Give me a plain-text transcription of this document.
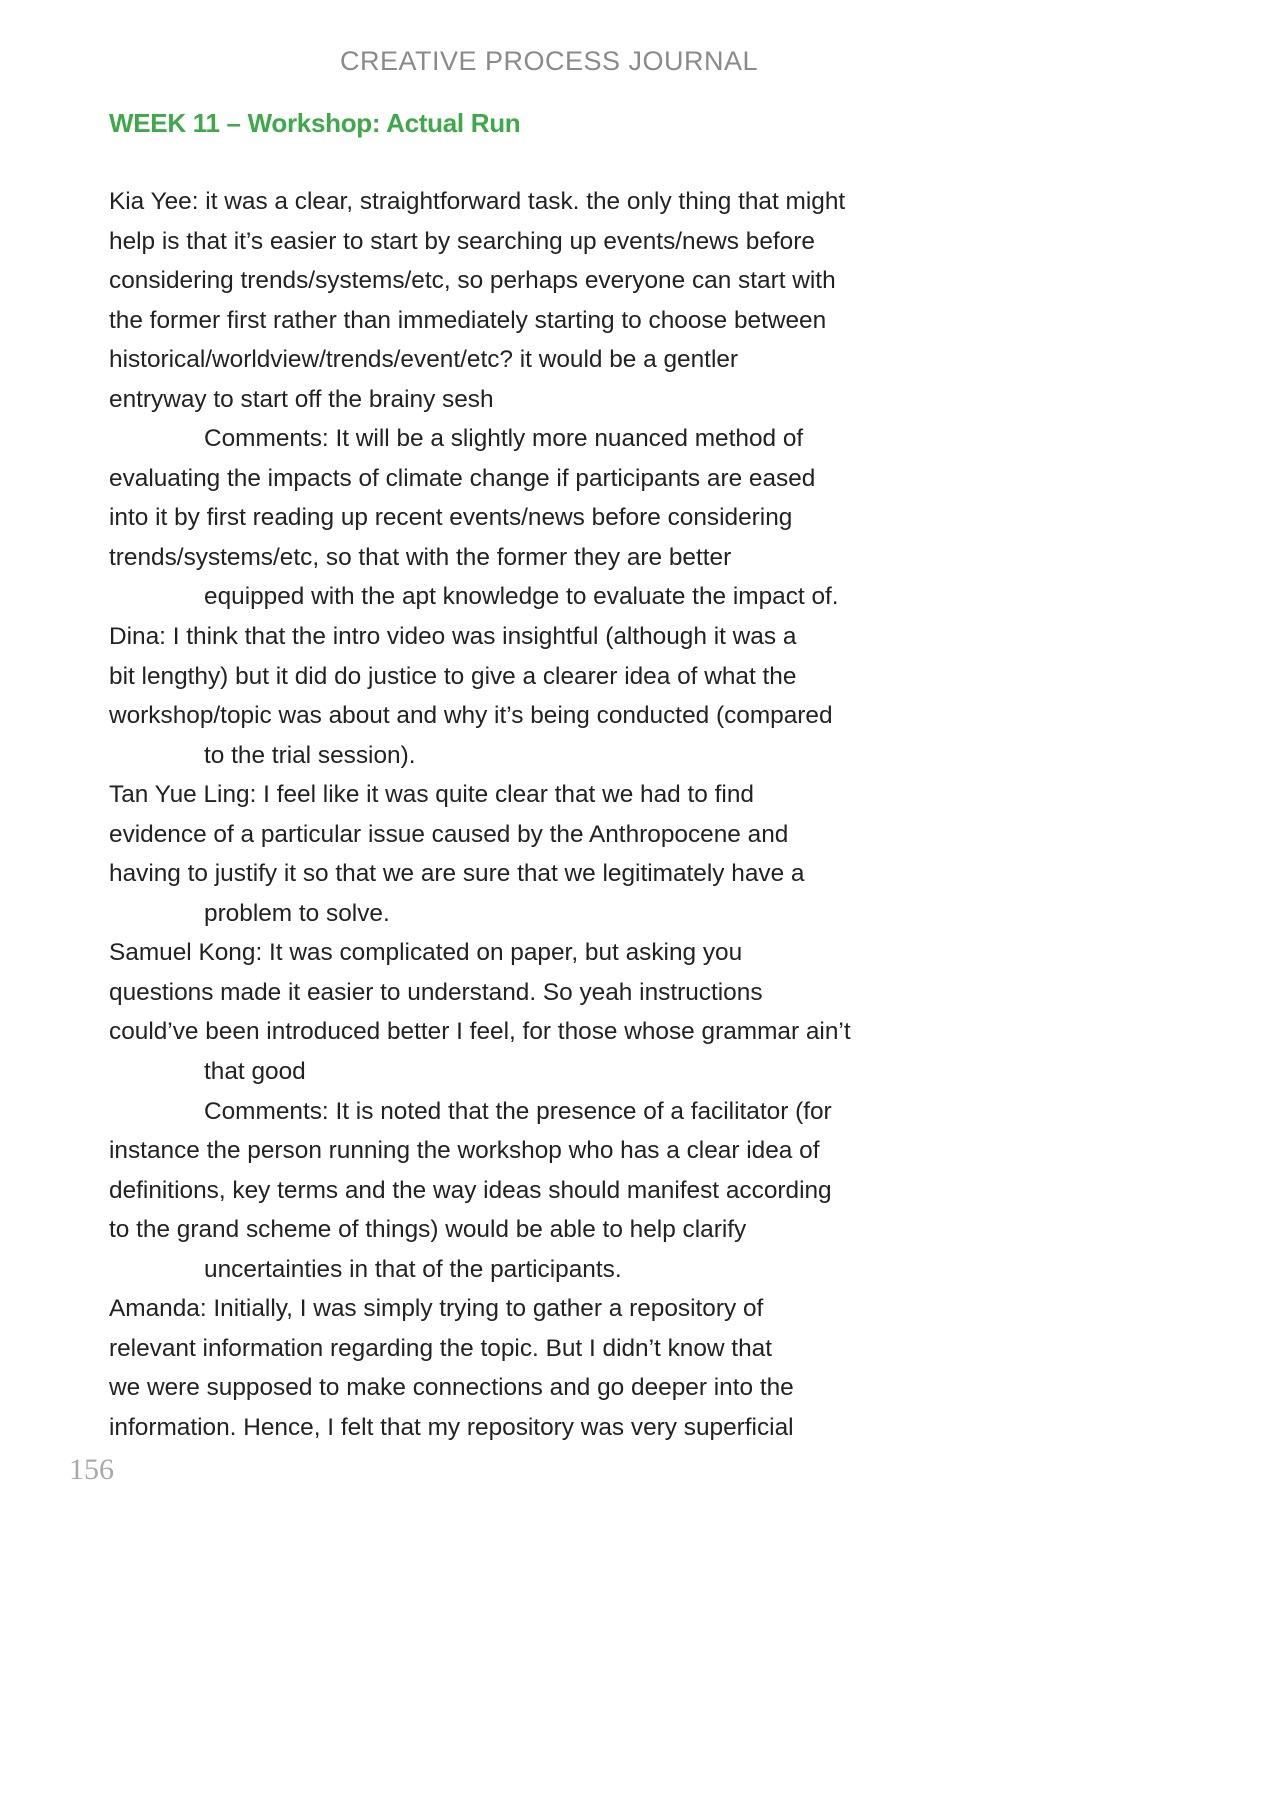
CREATIVE PROCESS JOURNAL
WEEK 11 – Workshop: Actual Run
Kia Yee: it was a clear, straightforward task. the only thing that might
help is that it’s easier to start by searching up events/news before
considering trends/systems/etc, so perhaps everyone can start with
the former first rather than immediately starting to choose between
historical/worldview/trends/event/etc? it would be a gentler
entryway to start off the brainy sesh
Comments: It will be a slightly more nuanced method of
evaluating the impacts of climate change if participants are eased
into it by first reading up recent events/news before considering
trends/systems/etc, so that with the former they are better
equipped with the apt knowledge to evaluate the impact of.
Dina: I think that the intro video was insightful (although it was a
bit lengthy) but it did do justice to give a clearer idea of what the
workshop/topic was about and why it’s being conducted (compared
to the trial session).
Tan Yue Ling: I feel like it was quite clear that we had to find
evidence of a particular issue caused by the Anthropocene and
having to justify it so that we are sure that we legitimately have a
problem to solve.
Samuel Kong: It was complicated on paper, but asking you
questions made it easier to understand. So yeah instructions
could’ve been introduced better I feel, for those whose grammar ain’t
that good
Comments: It is noted that the presence of a facilitator (for
instance the person running the workshop who has a clear idea of
definitions, key terms and the way ideas should manifest according
to the grand scheme of things) would be able to help clarify
uncertainties in that of the participants.
Amanda: Initially, I was simply trying to gather a repository of
relevant information regarding the topic. But I didn’t know that
we were supposed to make connections and go deeper into the
information. Hence, I felt that my repository was very superficial
156
